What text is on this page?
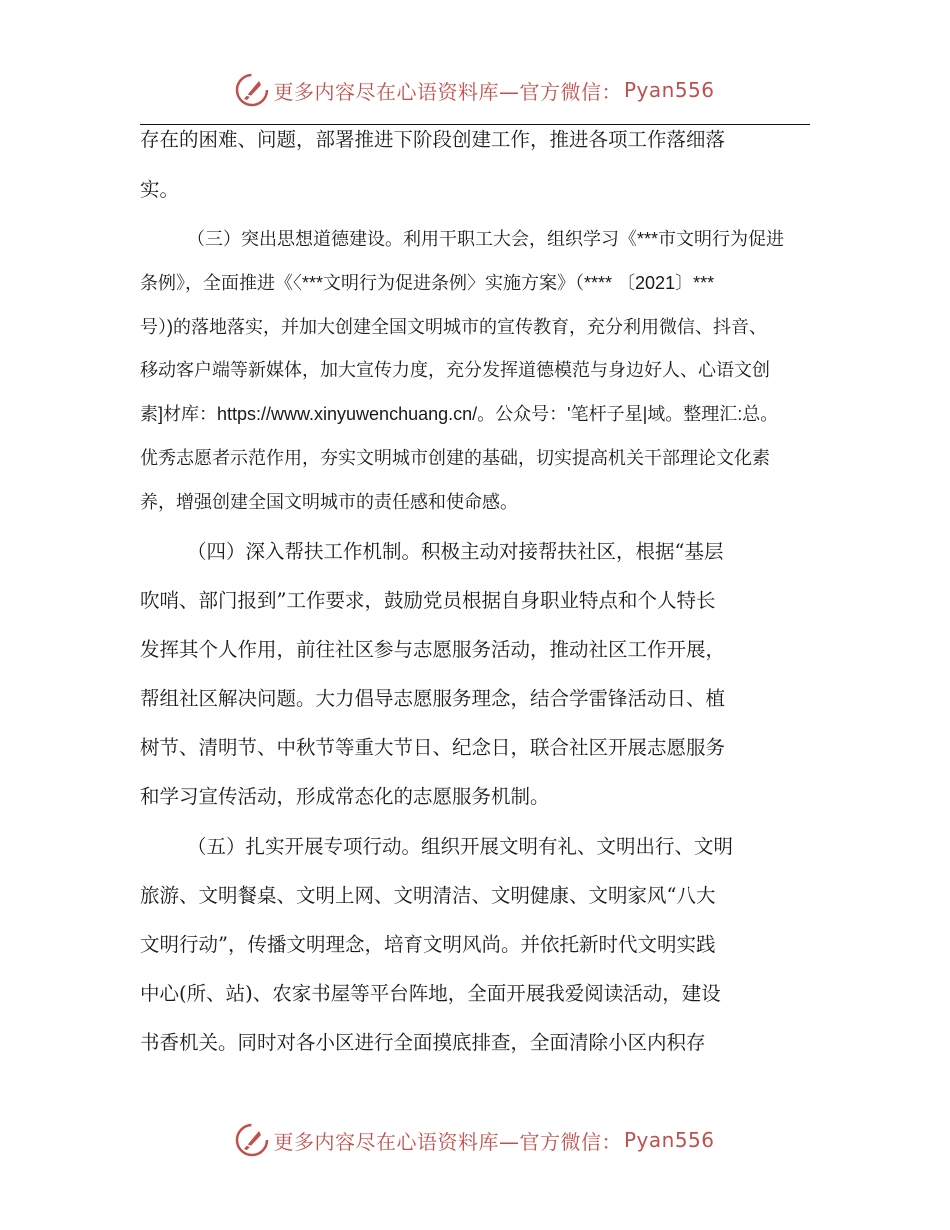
更多内容尽在心语资料库—官方微信： Pyan556
存在的困难、问题，部署推进下阶段创建工作，推进各项工作落细落
实。
（三）突出思想道德建设。利用干职工大会，组织学习《***市文明行为促进
条例》，全面推进《〈***文明行为促进条例〉实施方案》（**** 〔2021〕***
号）)的落地落实，并加大创建全国文明城市的宣传教育，充分利用微信、抖音、
移动客户端等新媒体，加大宣传力度，充分发挥道德模范与身边好人、心语文创
素]材库：https://www.xinyuwenchuang.cn/。公众号：'笔杆子星|域。整理汇:总。
优秀志愿者示范作用，夯实文明城市创建的基础，切实提高机关干部理论文化素
养，增强创建全国文明城市的责任感和使命感。
（四）深入帮扶工作机制。积极主动对接帮扶社区，根据“基层
吹哨、部门报到”工作要求，鼓励党员根据自身职业特点和个人特长
发挥其个人作用，前往社区参与志愿服务活动，推动社区工作开展，
帮组社区解决问题。大力倡导志愿服务理念，结合学雷锋活动日、植
树节、清明节、中秋节等重大节日、纪念日，联合社区开展志愿服务
和学习宣传活动，形成常态化的志愿服务机制。
（五）扎实开展专项行动。组织开展文明有礼、文明出行、文明
旅游、文明餐桌、文明上网、文明清洁、文明健康、文明家风“八大
文明行动”，传播文明理念，培育文明风尚。并依托新时代文明实践
中心(所、站)、农家书屋等平台阵地，全面开展我爱阅读活动，建设
书香机关。同时对各小区进行全面摸底排查，全面清除小区内积存
更多内容尽在心语资料库—官方微信： Pyan556
